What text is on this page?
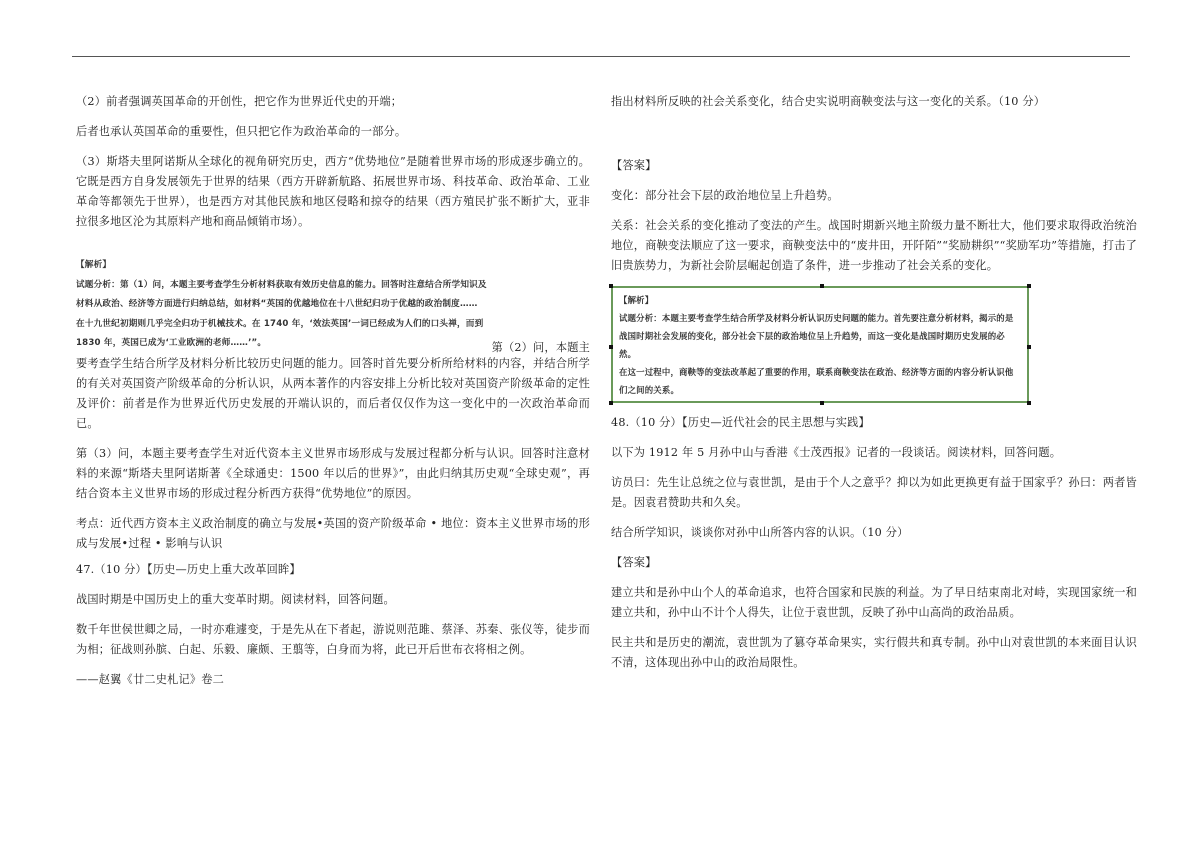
（2）前者强调英国革命的开创性，把它作为世界近代史的开端；

后者也承认英国革命的重要性，但只把它作为政治革命的一部分。

（3）斯塔夫里阿诺斯从全球化的视角研究历史，西方“优势地位”是随着世界市场的形成逐步确立的。它既是西方自身发展领先于世界的结果（西方开辟新航路、拓展世界市场、科技革命、政治革命、工业革命等都领先于世界），也是西方对其他民族和地区侵略和掠夺的结果（西方殖民扩张不断扩大，亚非拉很多地区沦为其原料产地和商品倾销市场）。

【解析】

试题分析：第（1）问，本题主要考查学生分析材料获取有效历史信息的能力。回答时注意结合所学知识及

材料从政治、经济等方面进行归纳总结，如材料“英国的优越地位在十八世纪归功于优越的政治制度……

在十九世纪初期则几乎完全归功于机械技术。在 1740 年，‘效法英国’一词已经成为人们的口头禅，而到

1830 年，英国已成为‘工业欧洲的老师……’”。	第（2）问，本题主

要考查学生结合所学及材料分析比较历史问题的能力。回答时首先要分析所给材料的内容，并结合所学的有关对英国资产阶级革命的分析认识，从两本著作的内容安排上分析比较对英国资产阶级革命的定性及评价：前者是作为世界近代历史发展的开端认识的，而后者仅仅作为这一变化中的一次政治革命而已。

第（3）问，本题主要考查学生对近代资本主义世界市场形成与发展过程都分析与认识。回答时注意材料的来源“斯塔夫里阿诺斯著《全球通史：1500 年以后的世界》”，由此归纳其历史观“全球史观”，再结合资本主义世界市场的形成过程分析西方获得“优势地位”的原因。

考点：近代西方资本主义政治制度的确立与发展•英国的资产阶级革命 • 地位：资本主义世界市场的形成与发展•过程 • 影响与认识

47.（10 分）【历史—历史上重大改革回眸】

战国时期是中国历史上的重大变革时期。阅读材料，回答问题。

数千年世侯世卿之局，一时亦难遽变，于是先从在下者起，游说则范雎、蔡泽、苏秦、张仪等，徒步而为相；征战则孙膑、白起、乐毅、廉颇、王翦等，白身而为将，此已开后世布衣将相之例。

——赵翼《廿二史札记》卷二

指出材料所反映的社会关系变化，结合史实说明商鞅变法与这一变化的关系。（10 分）

【答案】

变化：部分社会下层的政治地位呈上升趋势。

关系：社会关系的变化推动了变法的产生。战国时期新兴地主阶级力量不断壮大，他们要求取得政治统治地位，商鞅变法顺应了这一要求，商鞅变法中的“废井田，开阡陌”“奖励耕织”“奖励军功”等措施，打击了旧贵族势力，为新社会阶层崛起创造了条件，进一步推动了社会关系的变化。

【解析】

试题分析：本题主要考查学生结合所学及材料分析认识历史问题的能力。首先要注意分析材料，揭示的是

战国时期社会发展的变化，部分社会下层的政治地位呈上升趋势，而这一变化是战国时期历史发展的必然。

在这一过程中，商鞅等的变法改革起了重要的作用，联系商鞅变法在政治、经济等方面的内容分析认识他

们之间的关系。

48.（10 分）【历史—近代社会的民主思想与实践】

以下为 1912 年 5 月孙中山与香港《士茂西报》记者的一段谈话。阅读材料，回答问题。

访员曰：先生让总统之位与袁世凯，是由于个人之意乎？抑以为如此更换更有益于国家乎？孙曰：两者皆是。因袁君赞助共和久矣。

结合所学知识，谈谈你对孙中山所答内容的认识。（10 分）

【答案】

建立共和是孙中山个人的革命追求，也符合国家和民族的利益。为了早日结束南北对峙，实现国家统一和建立共和，孙中山不计个人得失，让位于袁世凯，反映了孙中山高尚的政治品质。

民主共和是历史的潮流，袁世凯为了篡夺革命果实，实行假共和真专制。孙中山对袁世凯的本来面目认识不清，这体现出孙中山的政治局限性。
